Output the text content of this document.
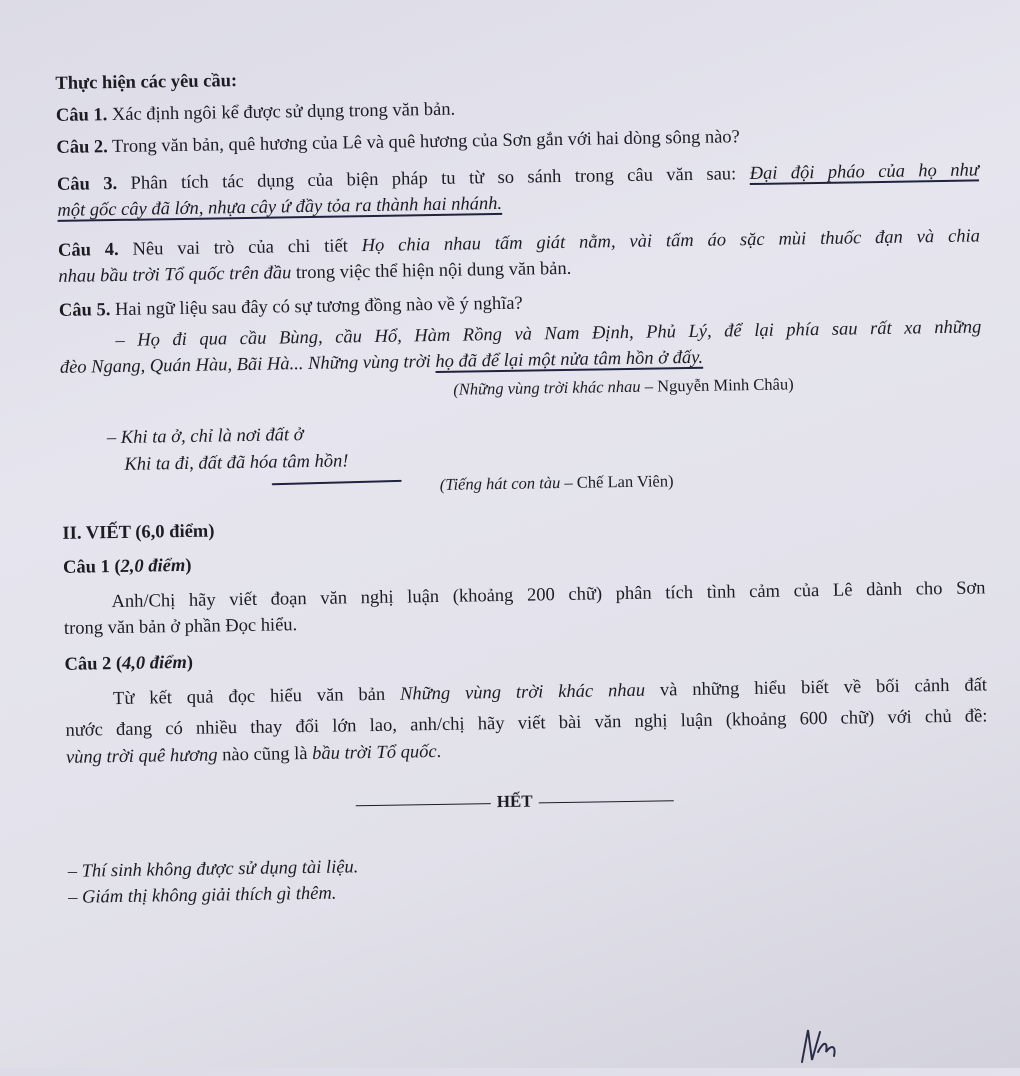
Thực hiện các yêu cầu:
Câu 1. Xác định ngôi kể được sử dụng trong văn bản.
Câu 2. Trong văn bản, quê hương của Lê và quê hương của Sơn gắn với hai dòng sông nào?
Câu 3. Phân tích tác dụng của biện pháp tu từ so sánh trong câu văn sau: Đại đội pháo của họ như
một gốc cây đã lớn, nhựa cây ứ đầy tỏa ra thành hai nhánh.
Câu 4. Nêu vai trò của chi tiết Họ chia nhau tấm giát nằm, vài tấm áo sặc mùi thuốc đạn và chia
nhau bầu trời Tổ quốc trên đầu trong việc thể hiện nội dung văn bản.
Câu 5. Hai ngữ liệu sau đây có sự tương đồng nào về ý nghĩa?
– Họ đi qua cầu Bùng, cầu Hổ, Hàm Rồng và Nam Định, Phủ Lý, để lại phía sau rất xa những
đèo Ngang, Quán Hàu, Bãi Hà... Những vùng trời họ đã để lại một nửa tâm hồn ở đấy.
(Những vùng trời khác nhau – Nguyễn Minh Châu)
– Khi ta ở, chỉ là nơi đất ở
Khi ta đi, đất đã hóa tâm hồn!
(Tiếng hát con tàu – Chế Lan Viên)
II. VIẾT (6,0 điểm)
Câu 1 (2,0 điểm)
Anh/Chị hãy viết đoạn văn nghị luận (khoảng 200 chữ) phân tích tình cảm của Lê dành cho Sơn
trong văn bản ở phần Đọc hiểu.
Câu 2 (4,0 điểm)
Từ kết quả đọc hiểu văn bản Những vùng trời khác nhau và những hiểu biết về bối cảnh đất
nước đang có nhiều thay đổi lớn lao, anh/chị hãy viết bài văn nghị luận (khoảng 600 chữ) với chủ đề:
vùng trời quê hương nào cũng là bầu trời Tổ quốc.
HẾT
– Thí sinh không được sử dụng tài liệu.
– Giám thị không giải thích gì thêm.
